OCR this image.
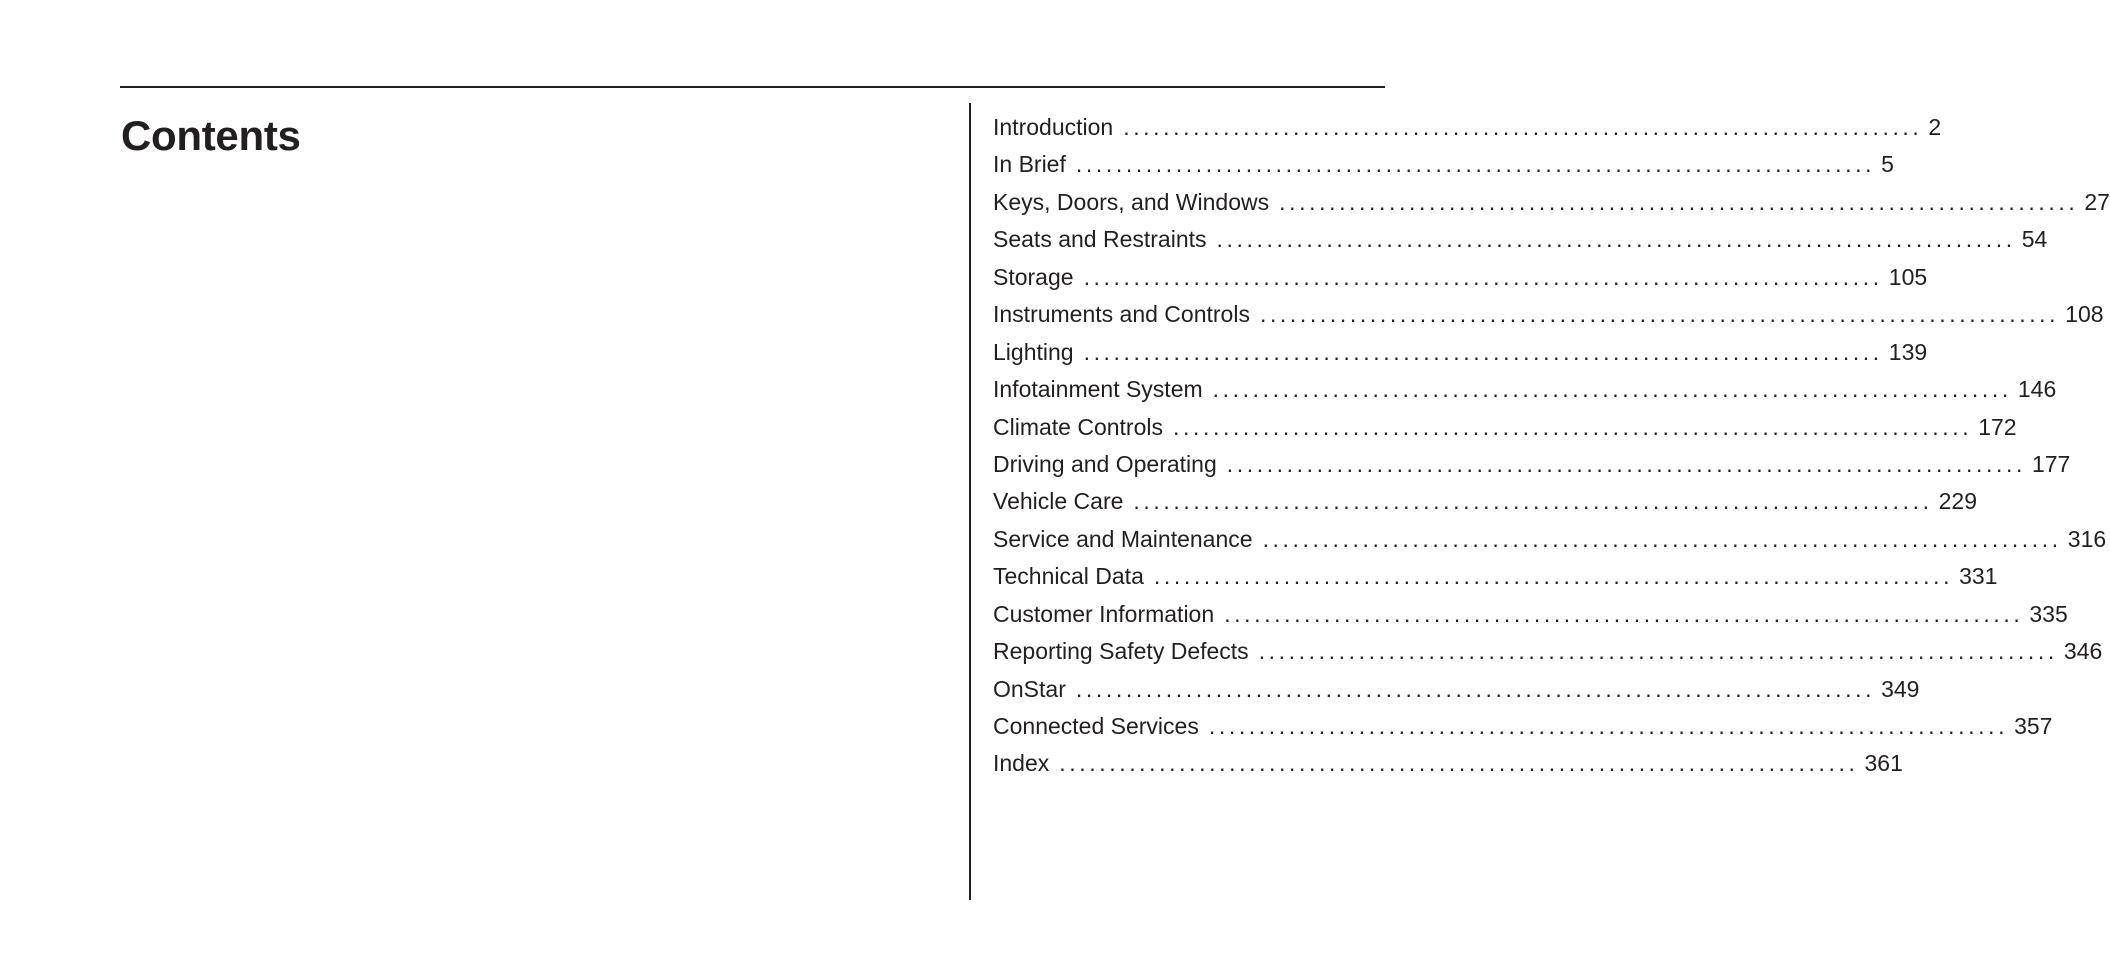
Contents	Introduction ................................................................................ 2
In Brief ................................................................................ 5
Keys, Doors, and Windows ................................................................................ 27
Seats and Restraints ................................................................................ 54
Storage ................................................................................ 105
Instruments and Controls ................................................................................ 108
Lighting ................................................................................ 139
Infotainment System ................................................................................ 146
Climate Controls ................................................................................ 172
Driving and Operating ................................................................................ 177
Vehicle Care ................................................................................ 229
Service and Maintenance ................................................................................ 316
Technical Data ................................................................................ 331
Customer Information ................................................................................ 335
Reporting Safety Defects ................................................................................ 346
OnStar ................................................................................ 349
Connected Services ................................................................................ 357
Index ................................................................................ 361
